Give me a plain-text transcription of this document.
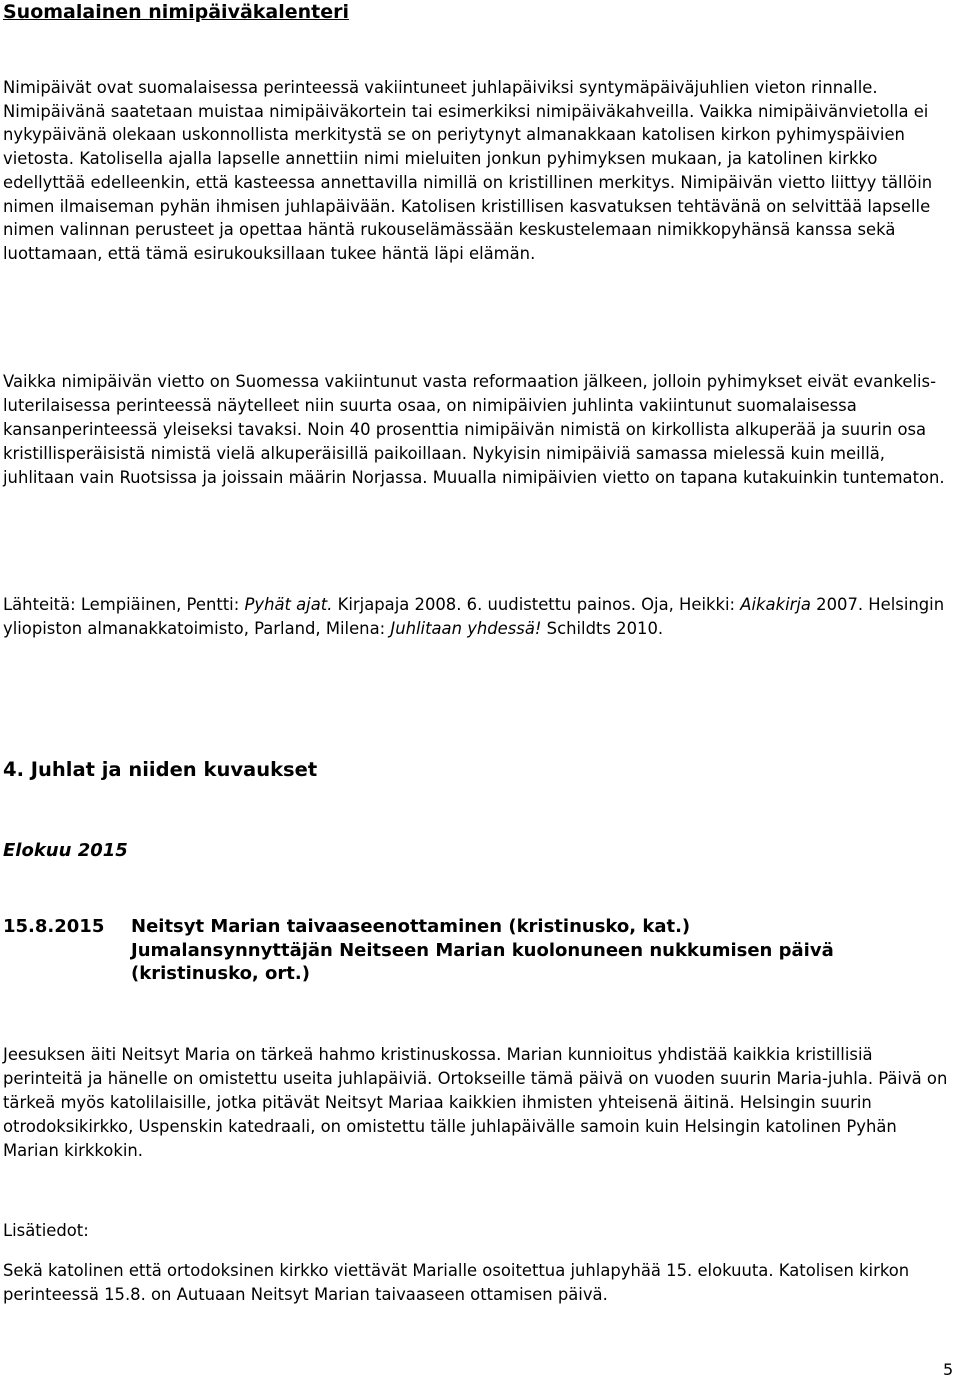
Suomalainen nimipäiväkalenteri

Nimipäivät ovat suomalaisessa perinteessä vakiintuneet juhlapäiviksi syntymäpäiväjuhlien vieton rinnalle. Nimipäivänä saatetaan muistaa nimipäiväkortein tai esimerkiksi nimipäiväkahveilla. Vaikka nimipäivänvietolla ei nykypäivänä olekaan uskonnollista merkitystä se on periytynyt almanakkaan katolisen kirkon pyhimyspäivien vietosta. Katolisella ajalla lapselle annettiin nimi mieluiten jonkun pyhimyksen mukaan, ja katolinen kirkko edellyttää edelleenkin, että kasteessa annettavilla nimillä on kristillinen merkitys. Nimipäivän vietto liittyy tällöin nimen ilmaiseman pyhän ihmisen juhlapäivään. Katolisen kristillisen kasvatuksen tehtävänä on selvittää lapselle nimen valinnan perusteet ja opettaa häntä rukouselämässään keskustelemaan nimikkopyhänsä kanssa sekä luottamaan, että tämä esirukouksillaan tukee häntä läpi elämän.

Vaikka nimipäivän vietto on Suomessa vakiintunut vasta reformaation jälkeen, jolloin pyhimykset eivät evankelis-luterilaisessa perinteessä näytelleet niin suurta osaa, on nimipäivien juhlinta vakiintunut suomalaisessa kansanperinteessä yleiseksi tavaksi. Noin 40 prosenttia nimipäivän nimistä on kirkollista alkuperää ja suurin osa kristillisperäisistä nimistä vielä alkuperäisillä paikoillaan. Nykyisin nimipäiviä samassa mielessä kuin meillä, juhlitaan vain Ruotsissa ja joissain määrin Norjassa. Muualla nimipäivien vietto on tapana kutakuinkin tuntematon.

Lähteitä: Lempiäinen, Pentti: Pyhät ajat. Kirjapaja 2008. 6. uudistettu painos. Oja, Heikki: Aikakirja 2007. Helsingin yliopiston almanakkatoimisto, Parland, Milena: Juhlitaan yhdessä! Schildts 2010.

4. Juhlat ja niiden kuvaukset
Elokuu 2015
15.8.2015 Neitsyt Marian taivaaseenottaminen (kristinusko, kat.)
Jumalansynnyttäjän Neitseen Marian kuolonuneen nukkumisen päivä
(kristinusko, ort.)

Jeesuksen äiti Neitsyt Maria on tärkeä hahmo kristinuskossa. Marian kunnioitus yhdistää kaikkia kristillisiä perinteitä ja hänelle on omistettu useita juhlapäiviä. Ortokseille tämä päivä on vuoden suurin Maria-juhla. Päivä on tärkeä myös katolilaisille, jotka pitävät Neitsyt Mariaa kaikkien ihmisten yhteisenä äitinä. Helsingin suurin otrodoksikirkko, Uspenskin katedraali, on omistettu tälle juhlapäivälle samoin kuin Helsingin katolinen Pyhän Marian kirkkokin.

Lisätiedot:

Sekä katolinen että ortodoksinen kirkko viettävät Marialle osoitettua juhlapyhää 15. elokuuta. Katolisen kirkon perinteessä 15.8. on Autuaan Neitsyt Marian taivaaseen ottamisen päivä.

5
